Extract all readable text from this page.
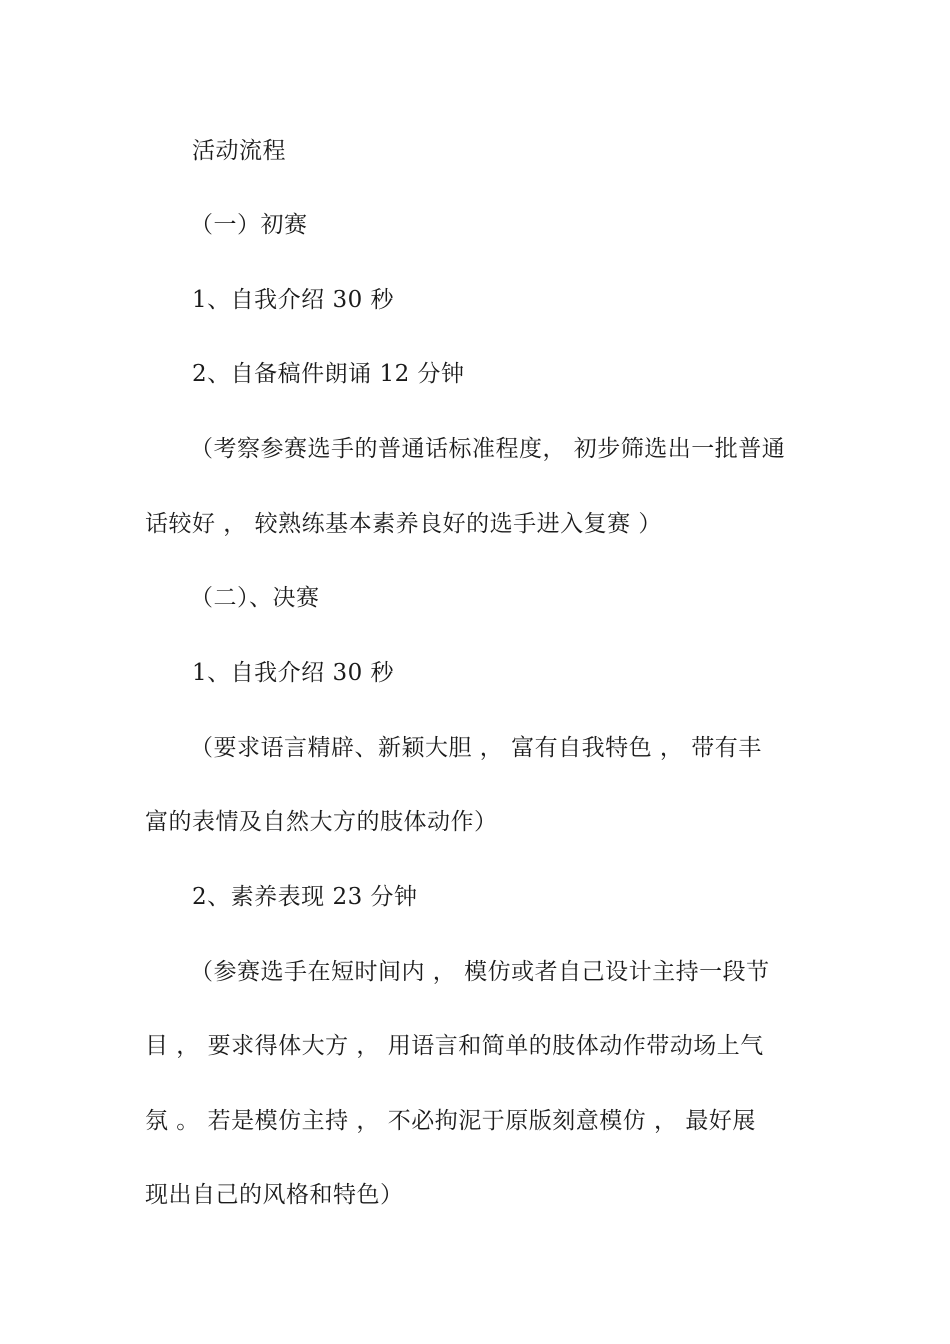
活动流程
（一）初赛
1、自我介绍 30 秒
2、自备稿件朗诵 12 分钟
（考察参赛选手的普通话标准程度， 初步筛选出一批普通
话较好 ， 较熟练基本素养良好的选手进入复赛 ）
（二）、决赛
1、自我介绍 30 秒
（要求语言精辟、新颖大胆 ， 富有自我特色 ， 带有丰
富的表情及自然大方的肢体动作）
2、素养表现 23 分钟
（参赛选手在短时间内 ， 模仿或者自己设计主持一段节
目 ， 要求得体大方 ， 用语言和简单的肢体动作带动场上气
氛 。 若是模仿主持 ， 不必拘泥于原版刻意模仿 ， 最好展
现出自己的风格和特色）
